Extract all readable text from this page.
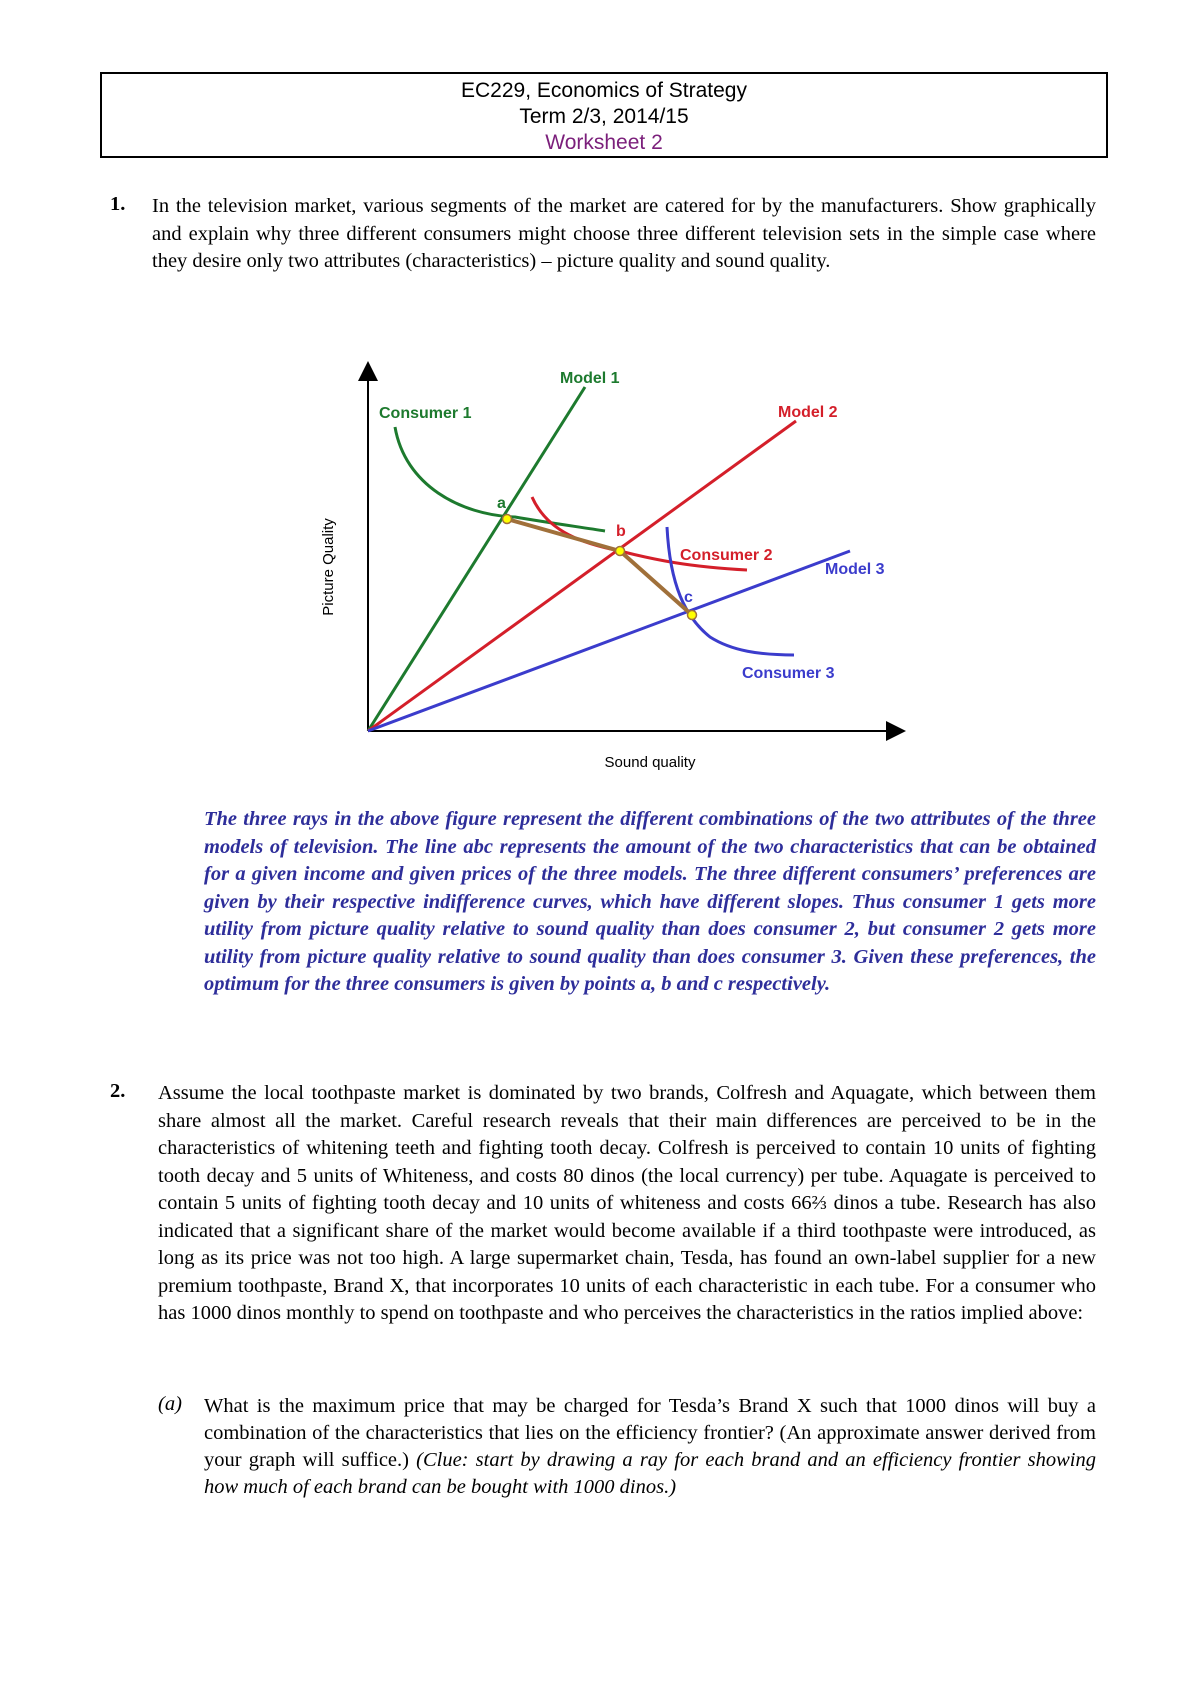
EC229, Economics of Strategy
Term 2/3, 2014/15
Worksheet 2
1. In the television market, various segments of the market are catered for by the manufacturers. Show graphically and explain why three different consumers might choose three different television sets in the simple case where they desire only two attributes (characteristics) – picture quality and sound quality.
Model 1
Model 2
Model 3
Consumer 1
Consumer 2
Consumer 3
a
b
c
Picture Quality
Sound quality
The three rays in the above figure represent the different combinations of the two attributes of the three models of television. The line abc represents the amount of the two characteristics that can be obtained for a given income and given prices of the three models. The three different consumers’ preferences are given by their respective indifference curves, which have different slopes. Thus consumer 1 gets more utility from picture quality relative to sound quality than does consumer 2, but consumer 2 gets more utility from picture quality relative to sound quality than does consumer 3. Given these preferences, the optimum for the three consumers is given by points a, b and c respectively.
2. Assume the local toothpaste market is dominated by two brands, Colfresh and Aquagate, which between them share almost all the market. Careful research reveals that their main differences are perceived to be in the characteristics of whitening teeth and fighting tooth decay. Colfresh is perceived to contain 10 units of fighting tooth decay and 5 units of Whiteness, and costs 80 dinos (the local currency) per tube. Aquagate is perceived to contain 5 units of fighting tooth decay and 10 units of whiteness and costs 66⅔ dinos a tube. Research has also indicated that a significant share of the market would become available if a third toothpaste were introduced, as long as its price was not too high. A large supermarket chain, Tesda, has found an own-label supplier for a new premium toothpaste, Brand X, that incorporates 10 units of each characteristic in each tube. For a consumer who has 1000 dinos monthly to spend on toothpaste and who perceives the characteristics in the ratios implied above:
(a) What is the maximum price that may be charged for Tesda’s Brand X such that 1000 dinos will buy a combination of the characteristics that lies on the efficiency frontier? (An approximate answer derived from your graph will suffice.) (Clue: start by drawing a ray for each brand and an efficiency frontier showing how much of each brand can be bought with 1000 dinos.)
